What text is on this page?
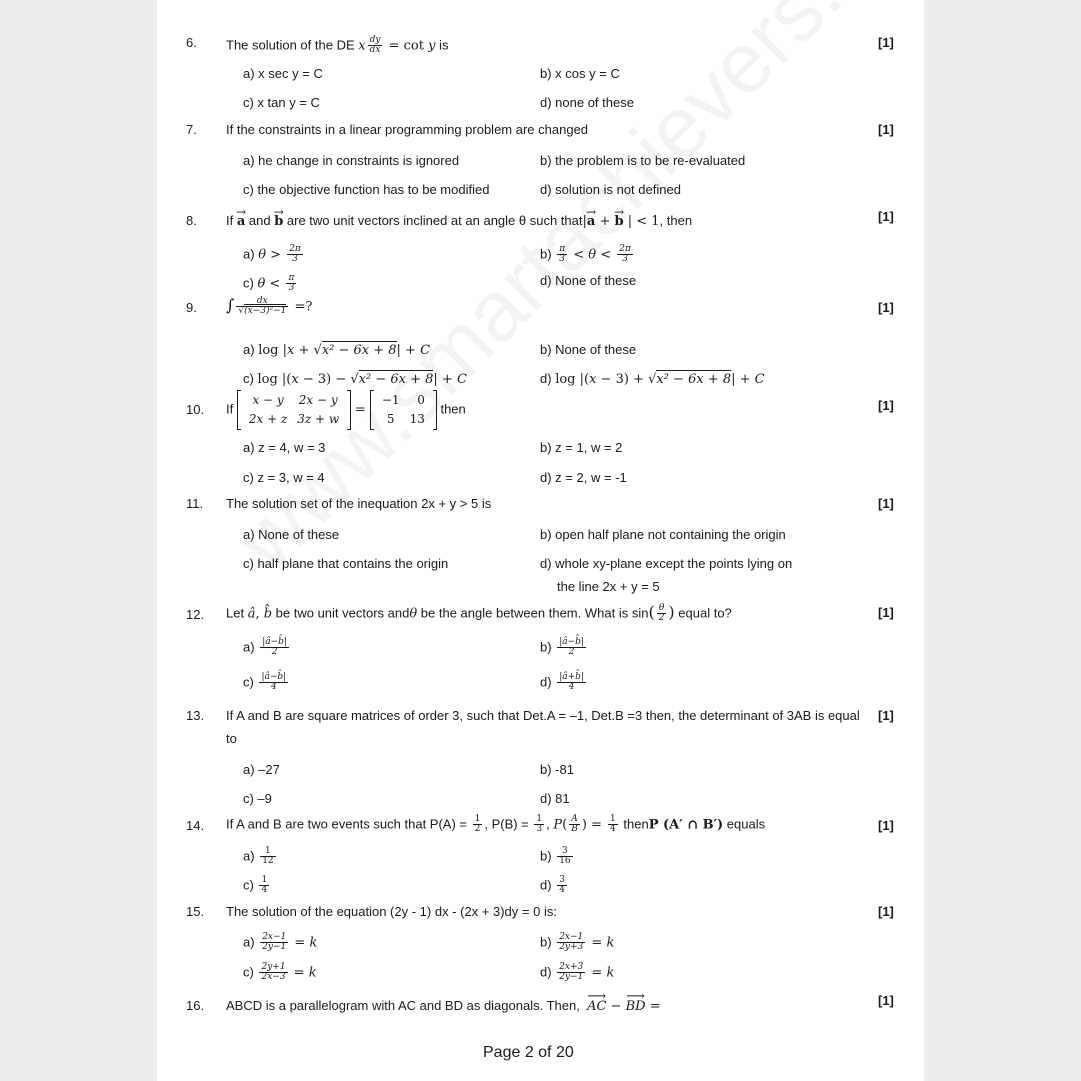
6. The solution of the DE x $\frac{dy}{dx} = \cot y$ is	[1]
a) x sec y = C	b) x cos y = C
c) x tan y = C	d) none of these
7. If the constraints in a linear programming problem are changed	[1]
a) he change in constraints is ignored	b) the problem is to be re-evaluated
c) the objective function has to be modified	d) solution is not defined
8. If → a and → b are two unit vectors inclined at an angle θ such that|→ a + → b | < 1, then	[1]
a) $\theta > \frac{2\pi}{3}$	$b) \frac{\pi}{3} < \theta < \frac{2\pi}{3}$
c) $\theta < \frac{\pi}{3}$	d) None of these
9. ∫ $\frac{dx}{\text{√(x−3)²−1}}$ =?	[1]
a) log |x + √x² − 6x + 8| + C	b) None of these
c) log |(x − 3) − √x² − 6x + 8| + C	d) log |(x − 3) + √x² − 6x + 8| + C
10. If
x − y	2x − y
2x + z	3z + w
=
−1	0
5	13
then	[1]
a) z = 4, w = 3	b) z = 1, w = 2
c) z = 3, w = 4	d) z = 2, w = -1
11. The solution set of the inequation 2x + y > 5 is	[1]
a) None of these	b) open half plane not containing the origin
c) half plane that contains the origin	d) whole xy-plane except the points lying on
the line 2x + y = 5
12. Let â, b̂ be two unit vectors andθ be the angle between them. What is $\sin( \frac{\theta}{2}$ ) equal to?	[1]
$a) \frac{|â-b̂|}{2}$	$b) \frac{|â-b̂|}{2}$
$c) \frac{|â-b̂|}{4}$	$d) \frac{|â+b̂|}{4}$
13. If A and B are square matrices of order 3, such that Det.A = –1, Det.B =3 then, the determinant of 3AB is equal
to
[1]
a) –27	b) -81
c) –9	d) 81
14. If A and B are two events such that $P(A) = \frac{1}{2}$ , $P(B) = \frac{1}{3}$ , $P( \frac{A}{B}$ ) = $\frac{1}{4}$ thenP (A′ ∩ B′) equals	[1]
$a) \frac{1}{12}$	$b) \frac{3}{16}$
$c) \frac{1}{4}$	$d) \frac{3}{4}$
15. The solution of the equation (2y - 1) dx - (2x + 3)dy = 0 is:	[1]
$a) \frac{2x-1}{2y-1} = k$	$b) \frac{2x-1}{2y+3} = k$
$c) \frac{2y+1}{2x-3} = k$	$d) \frac{2x+3}{2y-1} = k$
16. ABCD is a parallelogram with AC and BD as diagonals. Then, ⟶ AC − ⟶ BD =	[1]
Page 2 of 20
